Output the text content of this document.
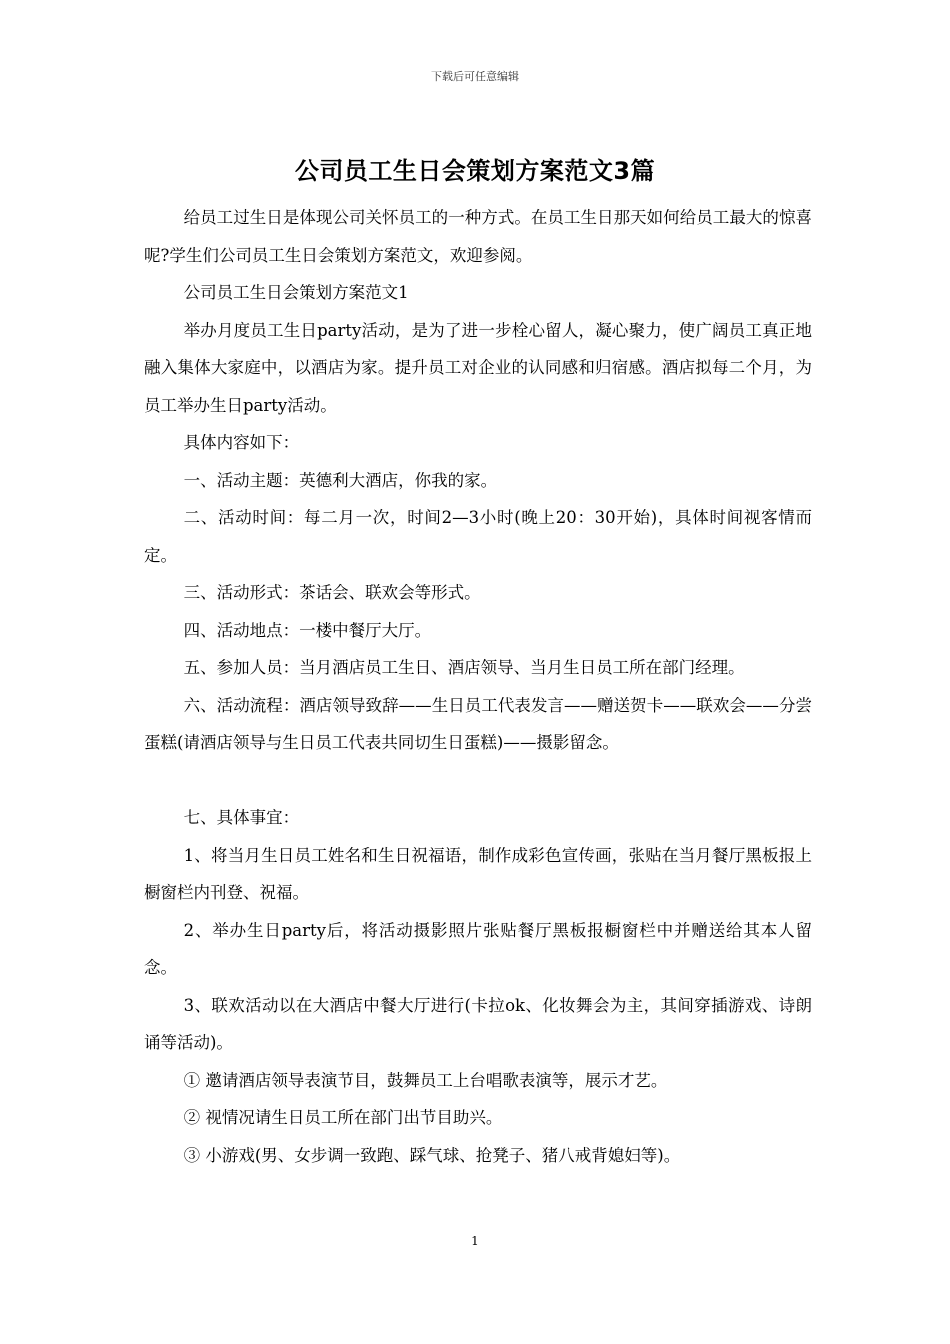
下载后可任意编辑
公司员工生日会策划方案范文3篇

给员工过生日是体现公司关怀员工的一种方式。在员工生日那天如何给员工最大的惊喜呢?学生们公司员工生日会策划方案范文，欢迎参阅。

公司员工生日会策划方案范文1

举办月度员工生日party活动，是为了进一步栓心留人，凝心聚力，使广阔员工真正地融入集体大家庭中，以酒店为家。提升员工对企业的认同感和归宿感。酒店拟每二个月，为员工举办生日party活动。

具体内容如下：

一、活动主题：英德利大酒店，你我的家。

二、活动时间：每二月一次，时间2—3小时(晚上20：30开始)，具体时间视客情而定。

三、活动形式：茶话会、联欢会等形式。

四、活动地点：一楼中餐厅大厅。

五、参加人员：当月酒店员工生日、酒店领导、当月生日员工所在部门经理。

六、活动流程：酒店领导致辞——生日员工代表发言——赠送贺卡——联欢会——分尝蛋糕(请酒店领导与生日员工代表共同切生日蛋糕)——摄影留念。

七、具体事宜：

1、将当月生日员工姓名和生日祝福语，制作成彩色宣传画，张贴在当月餐厅黑板报上橱窗栏内刊登、祝福。

2、举办生日party后，将活动摄影照片张贴餐厅黑板报橱窗栏中并赠送给其本人留念。

3、联欢活动以在大酒店中餐大厅进行(卡拉ok、化妆舞会为主，其间穿插游戏、诗朗诵等活动)。

① 邀请酒店领导表演节目，鼓舞员工上台唱歌表演等，展示才艺。

② 视情况请生日员工所在部门出节目助兴。

③ 小游戏(男、女步调一致跑、踩气球、抢凳子、猪八戒背媳妇等)。

1
